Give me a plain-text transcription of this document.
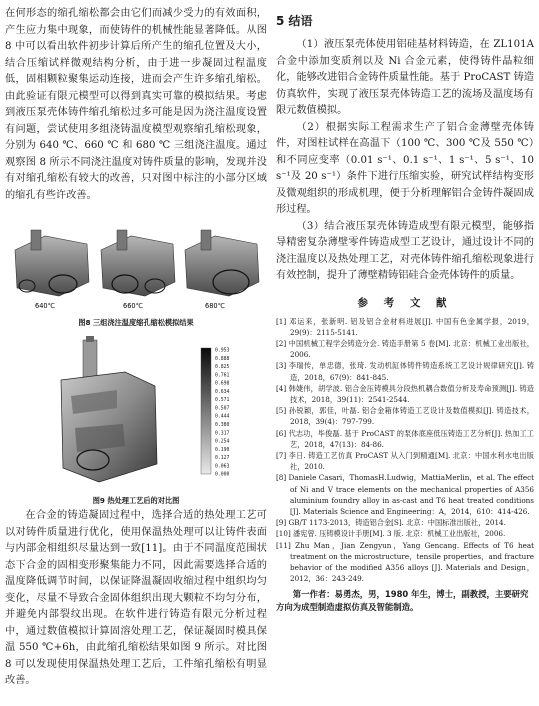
在何形态的缩孔缩松都会由它们而减少受力的有效面积，产生应力集中现象，而使铸件的机械性能显著降低。从图 8 中可以看出软件初步计算后所产生的缩孔位置及大小，结合压缩试样微观结构分析，由于进一步凝固过程温度低，固相颗粒聚集运动连接，进而会产生许多缩孔缩松。由此验证有限元模型可以得到真实可靠的模拟结果。考虑到液压泵壳体铸件缩孔缩松过多可能是因为浇注温度设置有问题，尝试使用多组浇铸温度模型观察缩孔缩松现象，分别为 640 ℃、660 ℃ 和 680 ℃ 三组浇注温度。通过观察图 8 所示不同浇注温度对铸件质量的影响，发现并没有对缩孔缩松有较大的改善，只对图中标注的小部分区域的缩孔有些许改善。

640℃	660℃	680℃
图8 三组浇注温度缩孔缩松模拟结果
0.953
0.888
0.825
0.761
0.698
0.634
0.571
0.507
0.444
0.380
0.317
0.254
0.190
0.127
0.063
0.000
图9 热处理工艺后的对比图

在合金的铸造凝固过程中，选择合适的热处理工艺可以对铸件质量进行优化，使用保温热处理可以让铸件表面与内部金相组织尽量达到一致[11]。由于不同温度范围状态下合金的固相变形聚集能力不同，因此需要选择合适的温度降低调节时间，以保证降温凝固收缩过程中组织均匀变化，尽量不导致合金固体组织出现大颗粒不均匀分布，并避免内部裂纹出现。在软件进行铸造有限元分析过程中，通过数值模拟计算固溶处理工艺，保证凝固时模具保温 550 ℃+6h，由此缩孔缩松结果如图 9 所示。对比图 8 可以发现使用保温热处理工艺后，工件缩孔缩松有明显改善。

5 结语

（1）液压泵壳体使用铝硅基材料铸造，在 ZL101A 合金中添加变质剂以及 Ni 合金元素，使得铸件晶粒细化，能够改进铝合金铸件质量性能。基于 ProCAST 铸造仿真软件，实现了液压泵壳体铸造工艺的流场及温度场有限元数值模拟。

（2）根据实际工程需求生产了铝合金薄壁壳体铸件，对图柱试样在高温下（100 ℃、300 ℃及 550 ℃）和不同应变率（0.01 s⁻¹、0.1 s⁻¹、1 s⁻¹、5 s⁻¹、10 s⁻¹及 20 s⁻¹）条件下进行压缩实验，研究试样结构变形及微观组织的形成机理，便于分析理解铝合金铸件凝固成形过程。

（3）结合液压泵壳体铸造成型有限元模型，能够指导精密复杂薄壁零件铸造成型工艺设计，通过设计不同的浇注温度以及热处理工艺，对壳体铸件缩孔缩松现象进行有效控制，提升了薄壁精铸铝硅合金壳体铸件的质量。

参 考 文 献

[1] 邓运来，张新明. 铝及铝合金材料进展[J]. 中国有色金属学报，2019，29(9)：2115-5141.

[2] 中国机械工程学会铸造分会. 铸造手册第 5 卷[M]. 北京：机械工业出版社，2006.

[3] 李瑞传，单忠德，张琦. 发动机缸体铸件铸造系统工艺设计规律研究[J]. 铸造，2018，67(9)：841-845.

[4] 韩婕伟，胡学波. 铝合金压铸模具分段热机耦合数值分析及寿命预测[J]. 铸造技术，2018，39(11)：2541-2544.

[5] 孙锐颖，郭佳，叶磊. 铝合金箱体铸造工艺设计及数值模拟[J]. 铸造技术，2018，39(4)：797-799.

[6] 代志功，毕俊磊. 基于 ProCAST 的泵体底座低压铸造工艺分析[J]. 热加工工艺，2018，47(13)：84-86.

[7] 李日. 铸造工艺仿真 ProCAST 从入门到精通[M]. 北京：中国水利水电出版社，2010.

[8] Daniele Casari，ThomasH.Ludwig，MattiaMerlin，et al. The effect of Ni and V trace elements on the mechanical properties of A356 aluminium foundry alloy in as-cast and T6 heat treated conditions [J]. Materials Science and Engineering：A，2014，610：414-426.

[9] GB/T 1173-2013，铸造铝合金[S]. 北京：中国标准出版社，2014.

[10] 潘宪曾. 压铸模设计手册[M]. 3 版. 北京：机械工业出版社，2006.

[11] Zhu Man，Jian Zengyun，Yang Gencang. Effects of T6 heat treatment on the microstructure，tensile properties，and fracture behavior of the modified A356 alloys [J]. Materials and Design，2012，36：243-249.

第一作者：易勇杰，男，1980 年生，博士，副教授，主要研究方向为成型制造虚拟仿真及智能制造。
